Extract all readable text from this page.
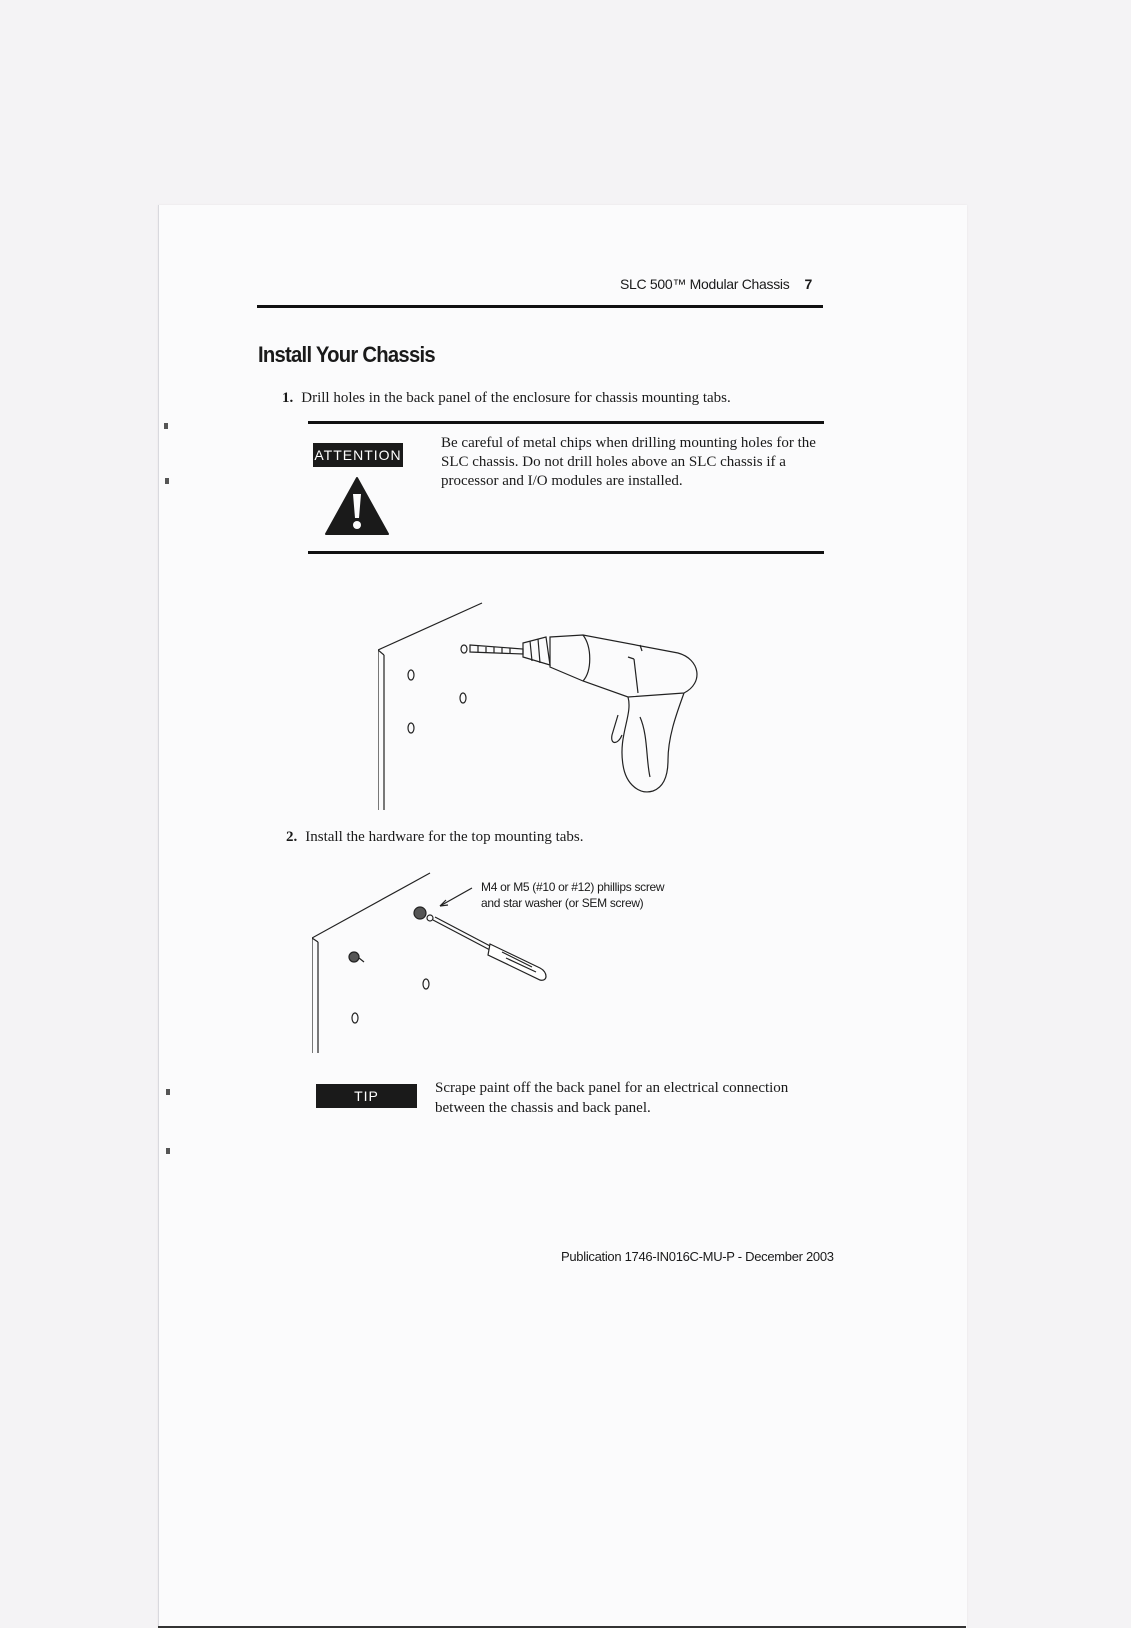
SLC 500™ Modular Chassis 7
Install Your Chassis
1. Drill holes in the back panel of the enclosure for chassis mounting tabs.
ATTENTION
Be careful of metal chips when drilling mounting holes for the SLC chassis. Do not drill holes above an SLC chassis if a processor and I/O modules are installed.
2. Install the hardware for the top mounting tabs.
M4 or M5 (#10 or #12) phillips screw
and star washer (or SEM screw)
TIP	Scrape paint off the back panel for an electrical connection between the chassis and back panel.
Publication 1746-IN016C-MU-P - December 2003
